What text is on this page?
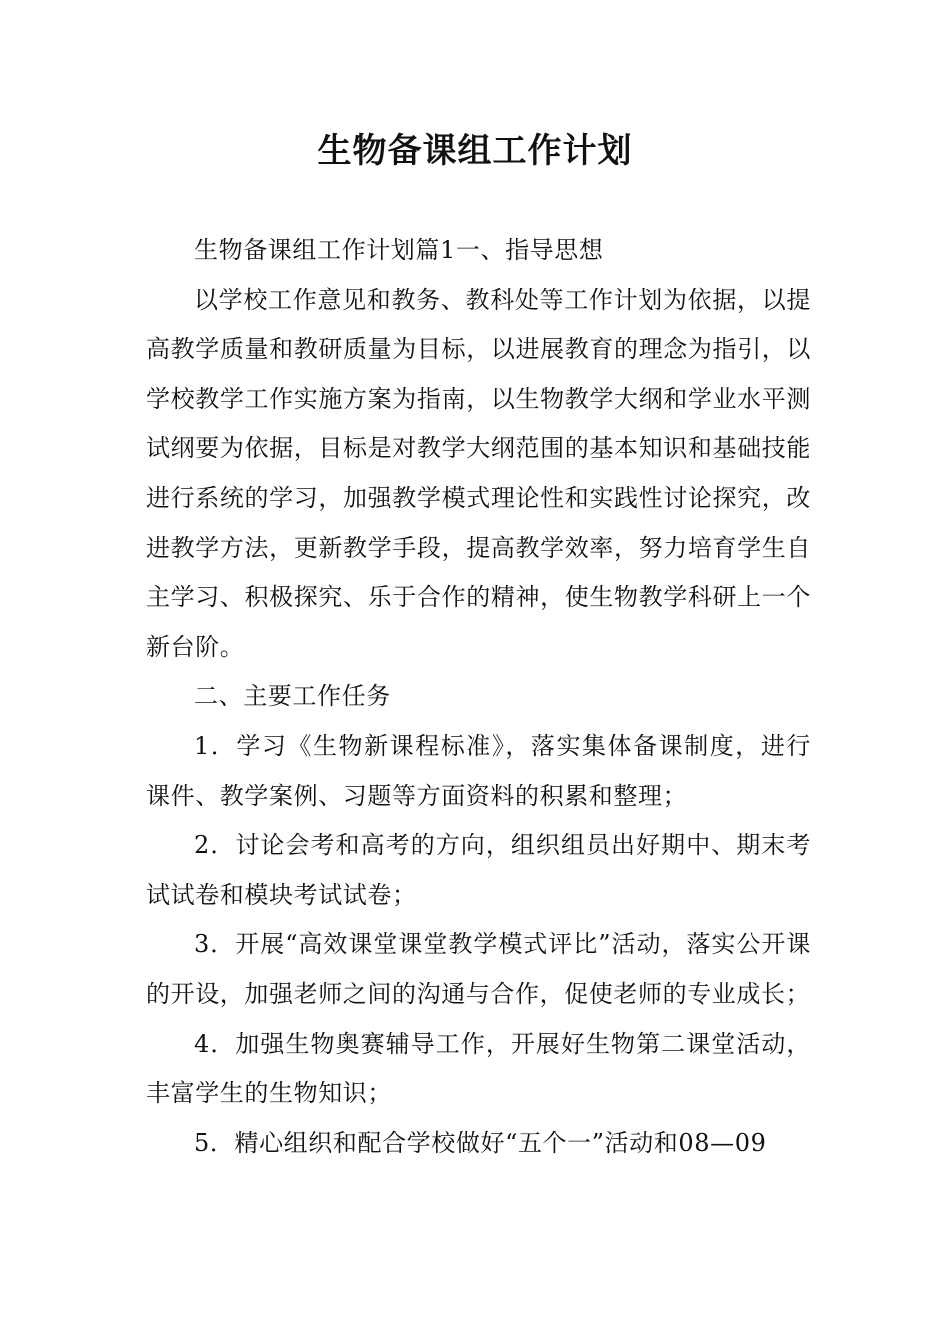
生物备课组工作计划

生物备课组工作计划篇1一、指导思想

以学校工作意见和教务、教科处等工作计划为依据，以提高教学质量和教研质量为目标，以进展教育的理念为指引，以学校教学工作实施方案为指南，以生物教学大纲和学业水平测试纲要为依据，目标是对教学大纲范围的基本知识和基础技能进行系统的学习，加强教学模式理论性和实践性讨论探究，改进教学方法，更新教学手段，提高教学效率，努力培育学生自主学习、积极探究、乐于合作的精神，使生物教学科研上一个新台阶。

二、主要工作任务

1．学习《生物新课程标准》，落实集体备课制度，进行课件、教学案例、习题等方面资料的积累和整理；

2．讨论会考和高考的方向，组织组员出好期中、期末考试试卷和模块考试试卷；

3．开展“高效课堂课堂教学模式评比”活动，落实公开课的开设，加强老师之间的沟通与合作，促使老师的专业成长；

4．加强生物奥赛辅导工作，开展好生物第二课堂活动，丰富学生的生物知识；

5．精心组织和配合学校做好“五个一”活动和08—09
